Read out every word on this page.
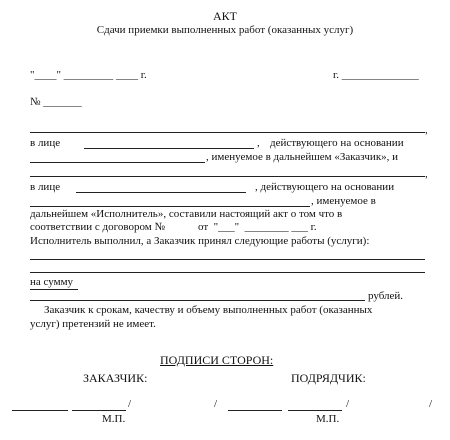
АКТ
Сдачи приемки выполненных работ (оказанных услуг)
"____" _________ ____ г.	г. ______________
№ _______
,
в лице	, действующего на основании
, именуемое в дальнейшем «Заказчик», и
,
в лице	, действующего на основании
, именуемое в
дальнейшем «Исполнитель», составили настоящий акт о том что в
соответствии с договором №            от  "___"  ________ ___ г.
Исполнитель выполнил, а Заказчик принял следующие работы (услуги):
на сумму
рублей.
Заказчик к срокам, качеству и объему выполненных работ (оказанных
услуг) претензий не имеет.
ПОДПИСИ СТОРОН:
ЗАКАЗЧИК:	ПОДРЯДЧИК:
/	/
М.П.
/	/
М.П.
